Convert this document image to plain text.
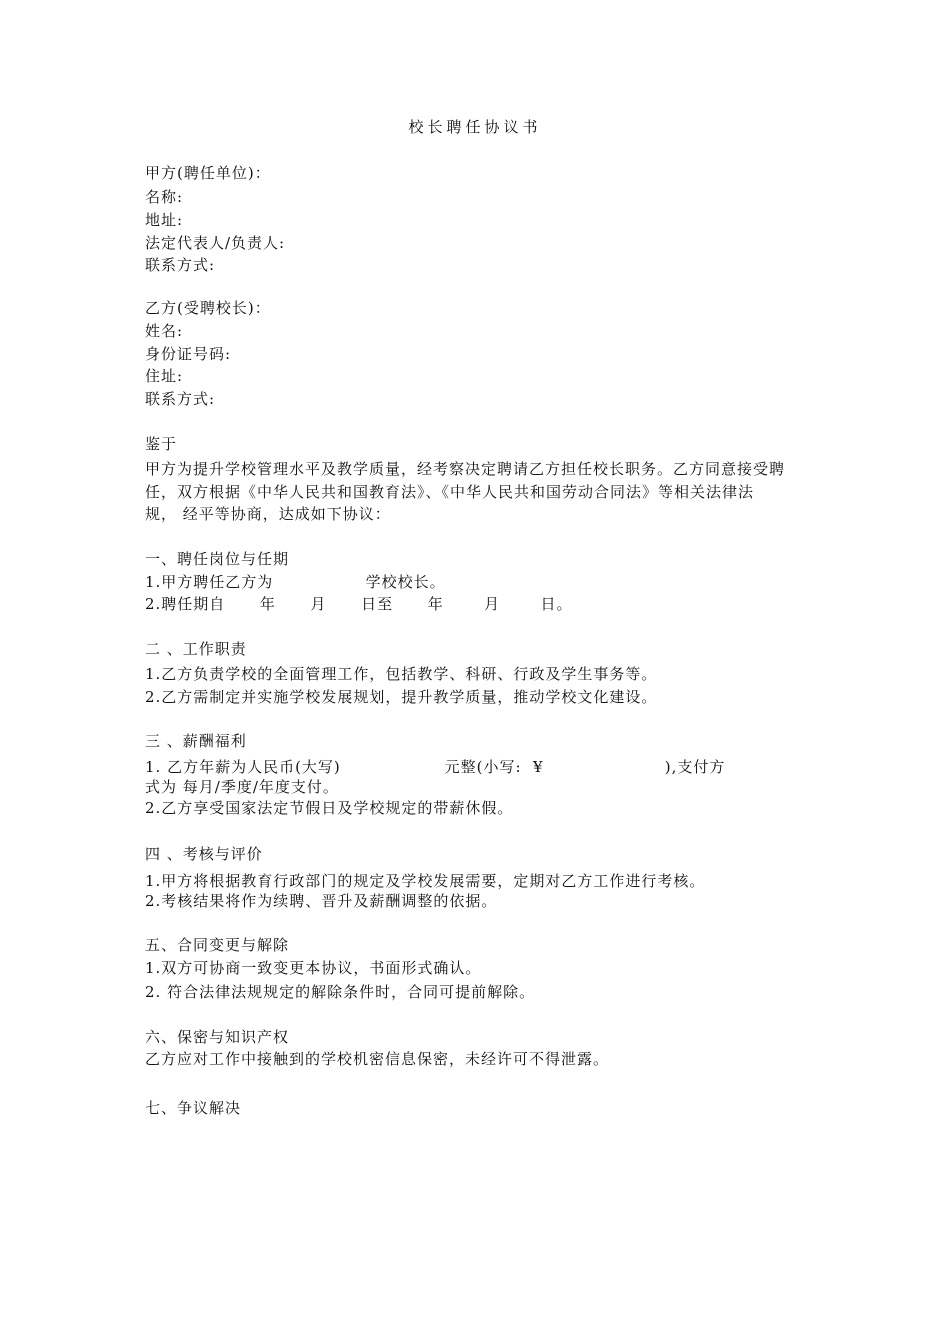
校长聘任协议书
甲方(聘任单位)：
名称:
地址:
法定代表人/负责人:
联系方式:
乙方(受聘校长)：
姓名:
身份证号码:
住址:
联系方式:
鉴于
甲方为提升学校管理水平及教学质量，经考察决定聘请乙方担任校长职务。乙方同意接受聘
任，双方根据《中华人民共和国教育法》、《中华人民共和国劳动合同法》等相关法律法
规， 经平等协商，达成如下协议：
一、聘任岗位与任期
1.甲方聘任乙方为                学校校长。
2.聘任期自      年      月      日至      年       月       日。
二 、工作职责
1.乙方负责学校的全面管理工作，包括教学、科研、行政及学生事务等。
2.乙方需制定并实施学校发展规划，提升教学质量，推动学校文化建设。
三 、薪酬福利
1. 乙方年薪为人民币(大写)                  元整(小写:  ¥                     ),支付方
式为 每月/季度/年度支付。
2.乙方享受国家法定节假日及学校规定的带薪休假。
四 、考核与评价
1.甲方将根据教育行政部门的规定及学校发展需要，定期对乙方工作进行考核。
2.考核结果将作为续聘、晋升及薪酬调整的依据。
五、合同变更与解除
1.双方可协商一致变更本协议，书面形式确认。
2. 符合法律法规规定的解除条件时，合同可提前解除。
六、保密与知识产权
乙方应对工作中接触到的学校机密信息保密，未经许可不得泄露。
七、争议解决
